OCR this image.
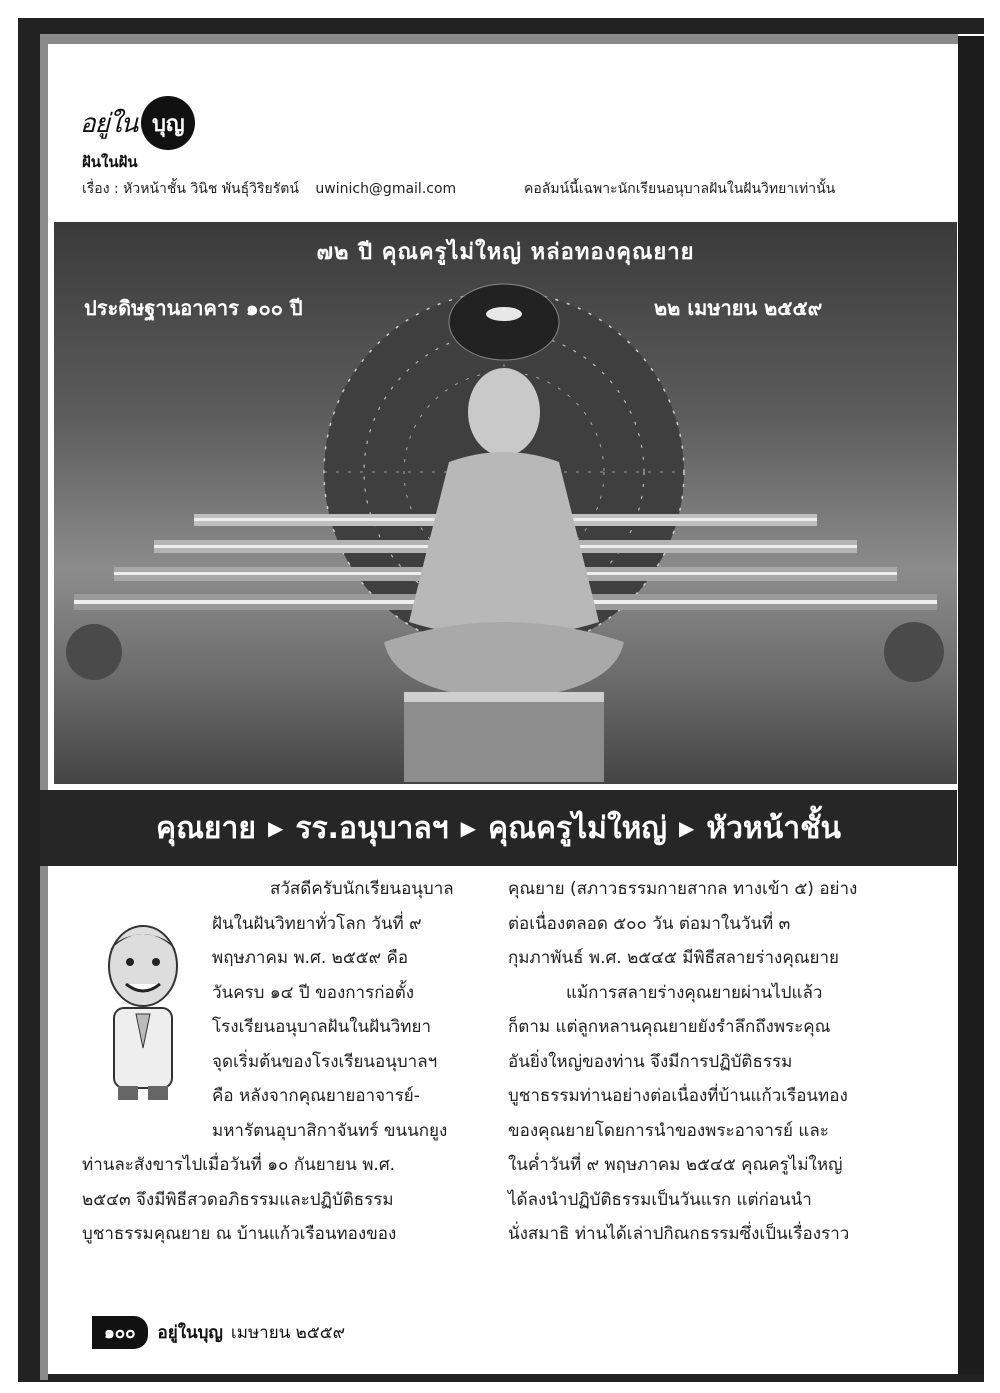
อยู่ใน บุญ
ฝันในฝัน
เรื่อง : หัวหน้าชั้น วินิช พันธุ์วิริยรัตน์ uwinich@gmail.com	คอลัมน์นี้เฉพาะนักเรียนอนุบาลฝันในฝันวิทยาเท่านั้น
๗๒ ปี คุณครูไม่ใหญ่ หล่อทองคุณยาย
ประดิษฐานอาคาร ๑๐๐ ปี	๒๒ เมษายน ๒๕๕๙
คุณยาย ▶ รร.อนุบาลฯ ▶ คุณครูไม่ใหญ่ ▶ หัวหน้าชั้น
สวัสดีครับนักเรียนอนุบาล
ฝันในฝันวิทยาทั่วโลก วันที่ ๙
พฤษภาคม พ.ศ. ๒๕๕๙ คือ
วันครบ ๑๔ ปี ของการก่อตั้ง
โรงเรียนอนุบาลฝันในฝันวิทยา
จุดเริ่มต้นของโรงเรียนอนุบาลฯ
คือ หลังจากคุณยายอาจารย์-
มหารัตนอุบาสิกาจันทร์ ขนนกยูง
ท่านละสังขารไปเมื่อวันที่ ๑๐ กันยายน พ.ศ.
๒๕๔๓ จึงมีพิธีสวดอภิธรรมและปฏิบัติธรรม
บูชาธรรมคุณยาย ณ บ้านแก้วเรือนทองของ
คุณยาย (สภาวธรรมกายสากล ทางเข้า ๕) อย่าง
ต่อเนื่องตลอด ๕๐๐ วัน ต่อมาในวันที่ ๓
กุมภาพันธ์ พ.ศ. ๒๕๔๕ มีพิธีสลายร่างคุณยาย
แม้การสลายร่างคุณยายผ่านไปแล้ว
ก็ตาม แต่ลูกหลานคุณยายยังรำลึกถึงพระคุณ
อันยิ่งใหญ่ของท่าน จึงมีการปฏิบัติธรรม
บูชาธรรมท่านอย่างต่อเนื่องที่บ้านแก้วเรือนทอง
ของคุณยายโดยการนำของพระอาจารย์ และ
ในค่ำวันที่ ๙ พฤษภาคม ๒๕๔๕ คุณครูไม่ใหญ่
ได้ลงนำปฏิบัติธรรมเป็นวันแรก แต่ก่อนนำ
นั่งสมาธิ ท่านได้เล่าปกิณกธรรมซึ่งเป็นเรื่องราว
๑๐๐	อยู่ในบุญ เมษายน ๒๕๕๙
